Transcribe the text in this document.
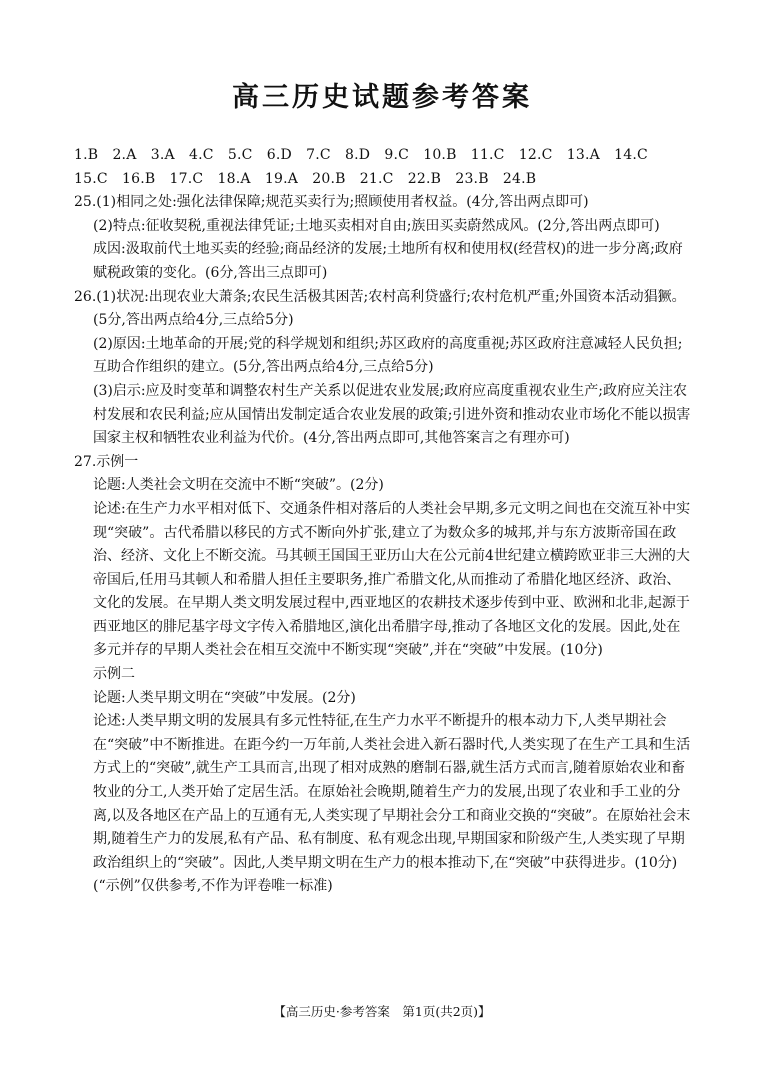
高三历史试题参考答案

1.B　2.A　3.A　4.C　5.C　6.D　7.C　8.D　9.C　10.B　11.C　12.C　13.A　14.C

15.C　16.B　17.C　18.A　19.A　20.B　21.C　22.B　23.B　24.B

25.(1)相同之处:强化法律保障;规范买卖行为;照顾使用者权益。(4分,答出两点即可)

(2)特点:征收契税,重视法律凭证;土地买卖相对自由;族田买卖蔚然成风。(2分,答出两点即可)

成因:汲取前代土地买卖的经验;商品经济的发展;土地所有权和使用权(经营权)的进一步分离;政府赋税政策的变化。(6分,答出三点即可)

26.(1)状况:出现农业大萧条;农民生活极其困苦;农村高利贷盛行;农村危机严重;外国资本活动猖獗。(5分,答出两点给4分,三点给5分)

(2)原因:土地革命的开展;党的科学规划和组织;苏区政府的高度重视;苏区政府注意减轻人民负担;互助合作组织的建立。(5分,答出两点给4分,三点给5分)

(3)启示:应及时变革和调整农村生产关系以促进农业发展;政府应高度重视农业生产;政府应关注农村发展和农民利益;应从国情出发制定适合农业发展的政策;引进外资和推动农业市场化不能以损害国家主权和牺牲农业利益为代价。(4分,答出两点即可,其他答案言之有理亦可)

27.示例一

论题:人类社会文明在交流中不断“突破”。(2分)

论述:在生产力水平相对低下、交通条件相对落后的人类社会早期,多元文明之间也在交流互补中实现“突破”。古代希腊以移民的方式不断向外扩张,建立了为数众多的城邦,并与东方波斯帝国在政治、经济、文化上不断交流。马其顿王国国王亚历山大在公元前4世纪建立横跨欧亚非三大洲的大帝国后,任用马其顿人和希腊人担任主要职务,推广希腊文化,从而推动了希腊化地区经济、政治、文化的发展。在早期人类文明发展过程中,西亚地区的农耕技术逐步传到中亚、欧洲和北非,起源于西亚地区的腓尼基字母文字传入希腊地区,演化出希腊字母,推动了各地区文化的发展。因此,处在多元并存的早期人类社会在相互交流中不断实现“突破”,并在“突破”中发展。(10分)

示例二

论题:人类早期文明在“突破”中发展。(2分)

论述:人类早期文明的发展具有多元性特征,在生产力水平不断提升的根本动力下,人类早期社会在“突破”中不断推进。在距今约一万年前,人类社会进入新石器时代,人类实现了在生产工具和生活方式上的“突破”,就生产工具而言,出现了相对成熟的磨制石器,就生活方式而言,随着原始农业和畜牧业的分工,人类开始了定居生活。在原始社会晚期,随着生产力的发展,出现了农业和手工业的分离,以及各地区在产品上的互通有无,人类实现了早期社会分工和商业交换的“突破”。在原始社会末期,随着生产力的发展,私有产品、私有制度、私有观念出现,早期国家和阶级产生,人类实现了早期政治组织上的“突破”。因此,人类早期文明在生产力的根本推动下,在“突破”中获得进步。(10分)

(“示例”仅供参考,不作为评卷唯一标准)

【高三历史·参考答案　第1页(共2页)】
